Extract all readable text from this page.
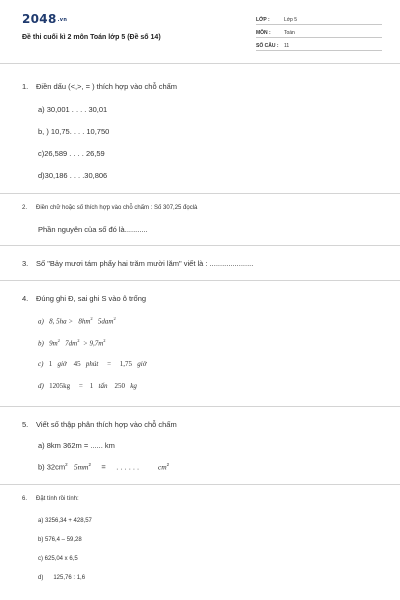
2048.vn
Đề thi cuối kì 2 môn Toán lớp 5 (Đề số 14)
LỚP :	Lớp 5
MÔN :	Toán
SỐ CÂU : 11
1. Điền dấu (<,>, = ) thích hợp vào chỗ chấm
a) 30,001 . . . . 30,01
b, ) 10,75. . . . 10,750
c)26,589 . . . . 26,59
d)30,186 . . . .30,806
2. Điền chữ hoặc số thích hợp vào chỗ chấm : Số 307,25 đọclà
Phần nguyên của số đó là...........
3. Số "Bảy mươi tám phẩy hai trăm mười lăm" viết là : .....................
4. Đúng ghi Đ, sai ghi S vào ô trống
a) 8, $5ha > 8hm^2$ 5dam$^2$
b) $9m^2$ $7dm^2 > 9,7m^2$
c) 1 giờ 45 phút = 1,75 giờ
d) 1205kg = 1 tấn 250 kg
5. Viết số thập phân thích hợp vào chỗ chấm
a) 8km 362m = ...... km
b) $32cm^2$ $5mm^2$ = . . . . . .	$cm^2$
6. Đặt tính rồi tính:
a) 3256,34 + 428,57
b) 576,4 – 59,28
c) 625,04 x 6,5
d)      125,76 : 1,6
